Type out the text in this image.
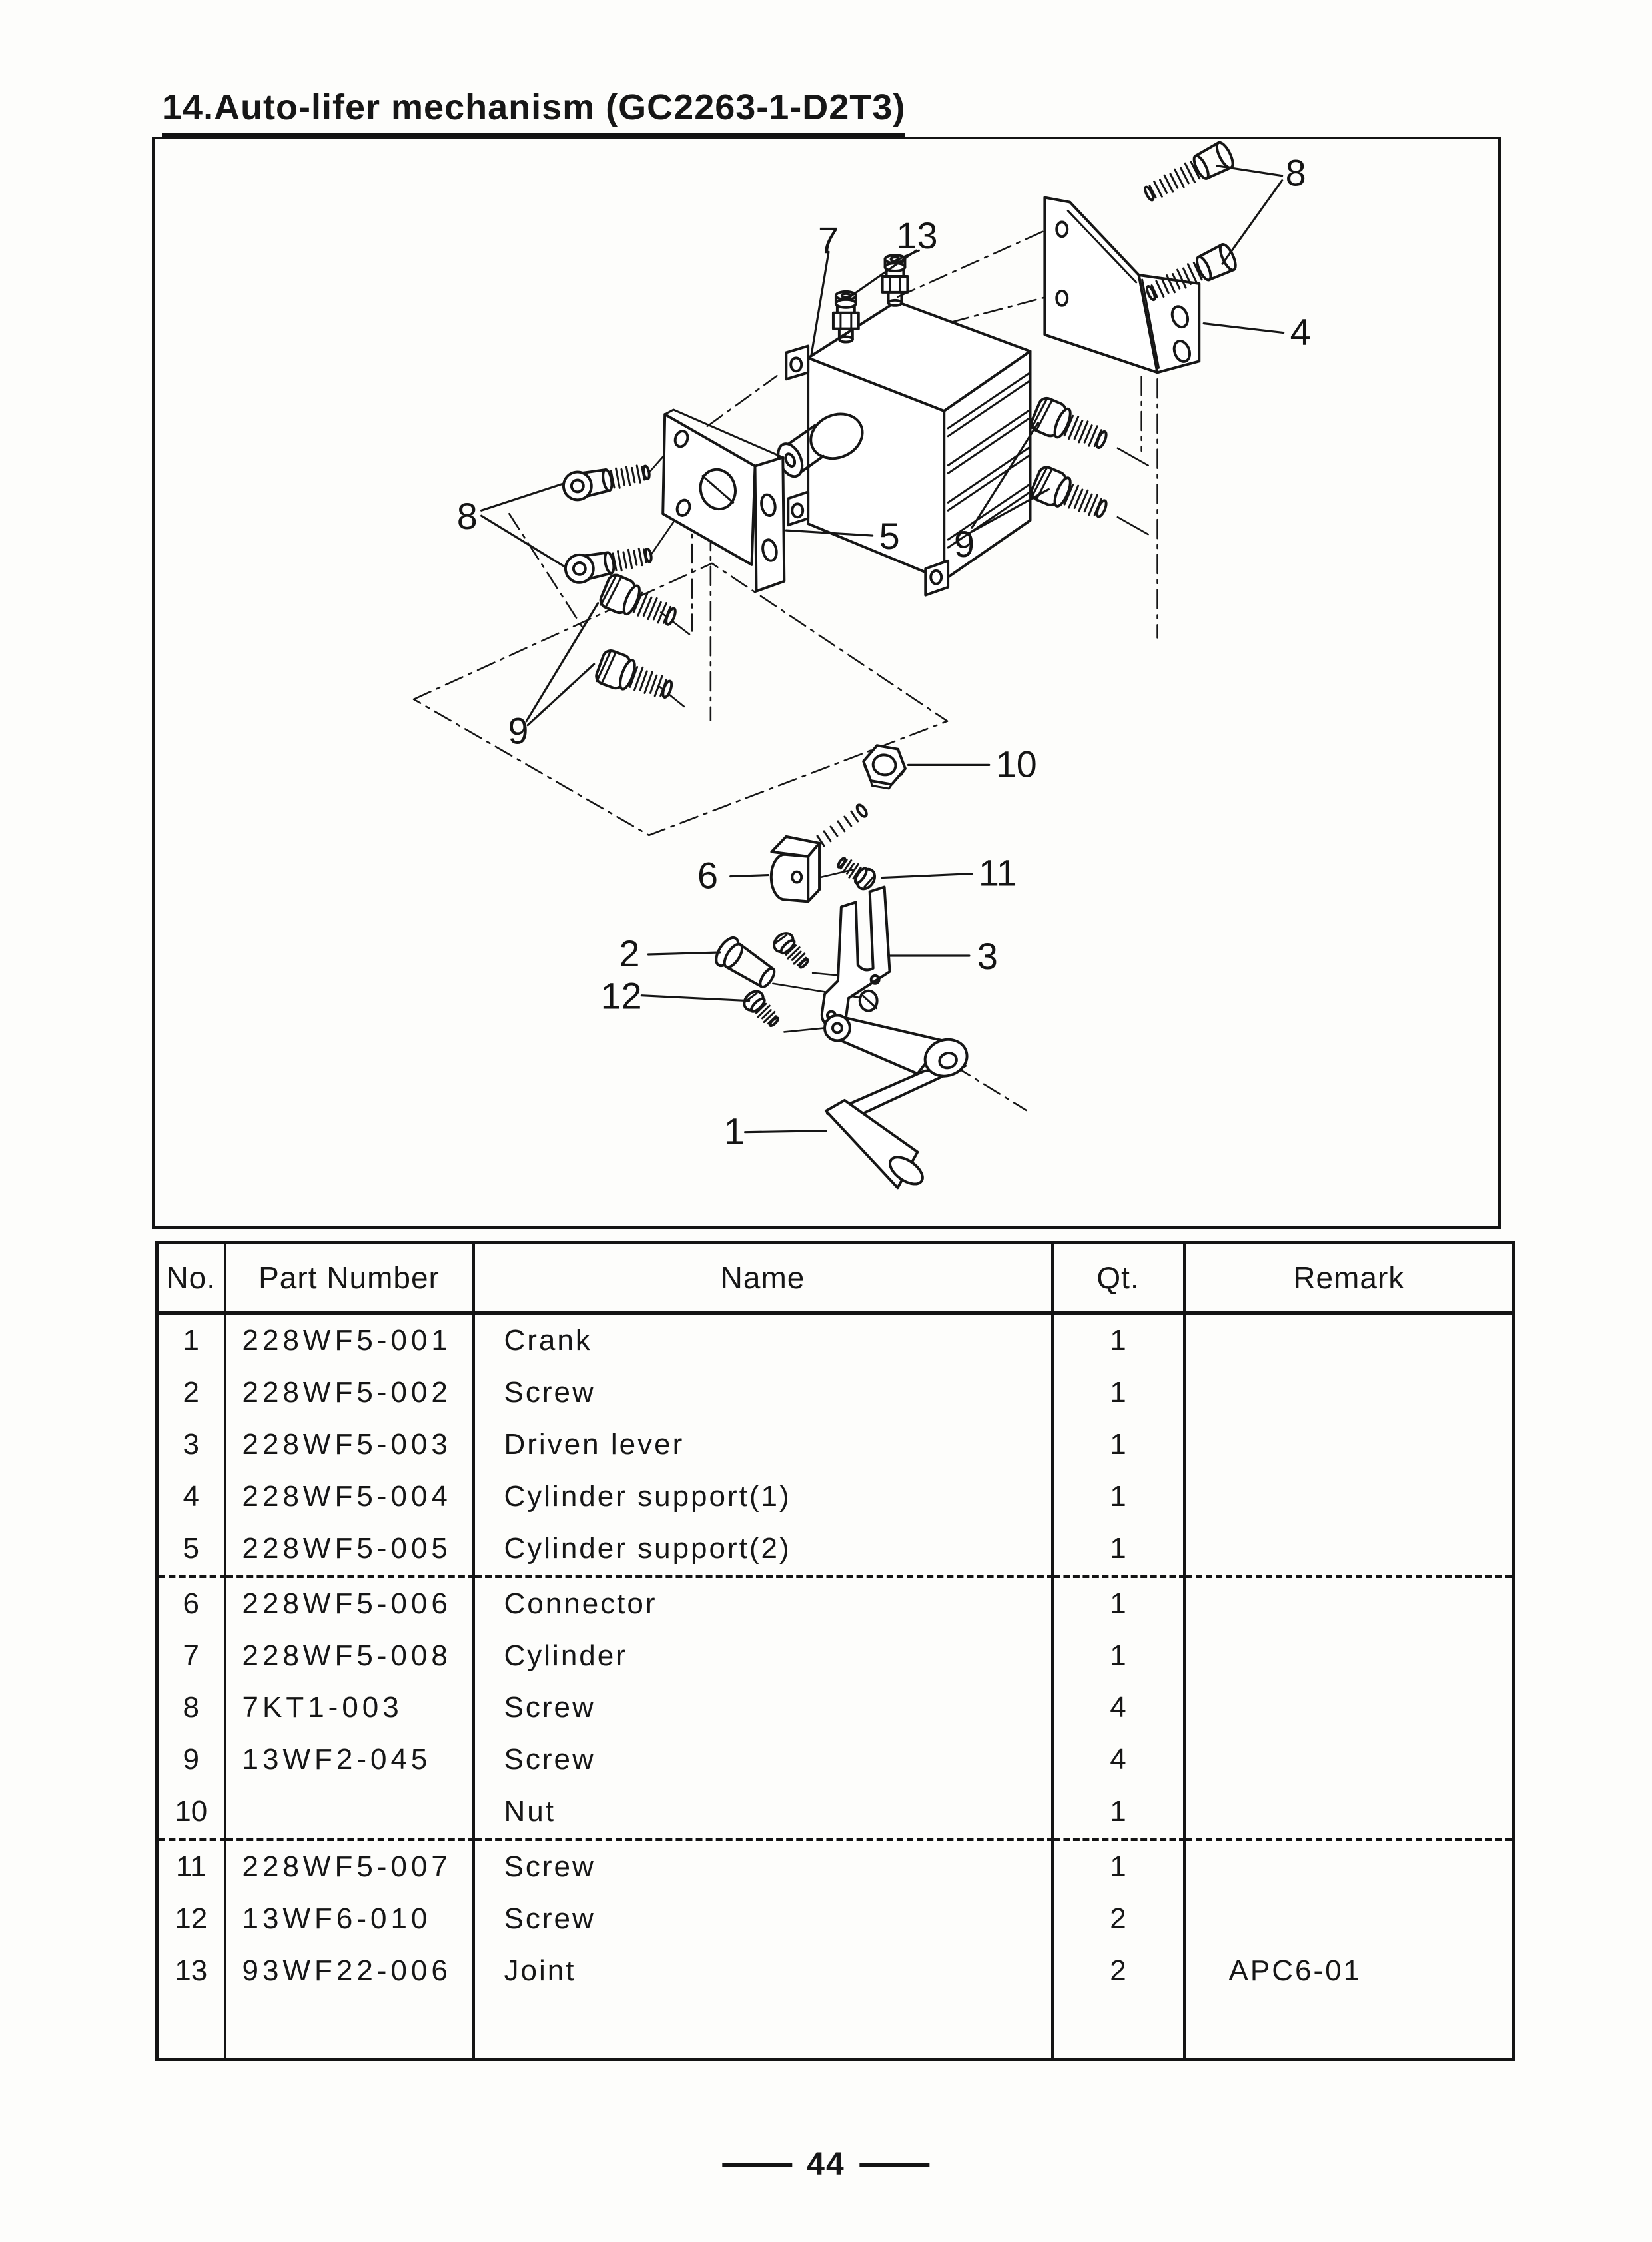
14.Auto-lifer mechanism (GC2263-1-D2T3)
7 13
8
4
8	5 9
9
10
6	11
3
2
12
1
No.	Part Number	Name	Qt.	Remark
1	228WF5-001	Crank	1	
2	228WF5-002	Screw	1	
3	228WF5-003	Driven lever	1	
4	228WF5-004	Cylinder support(1)	1	
5	228WF5-005	Cylinder support(2)	1	
6	228WF5-006	Connector	1	
7	228WF5-008	Cylinder	1	
8	7KT1-003	Screw	4	
9	13WF2-045	Screw	4	
10		Nut	1	
11	228WF5-007	Screw	1	
12	13WF6-010	Screw	2	
13	93WF22-006	Joint	2	APC6-01

44
